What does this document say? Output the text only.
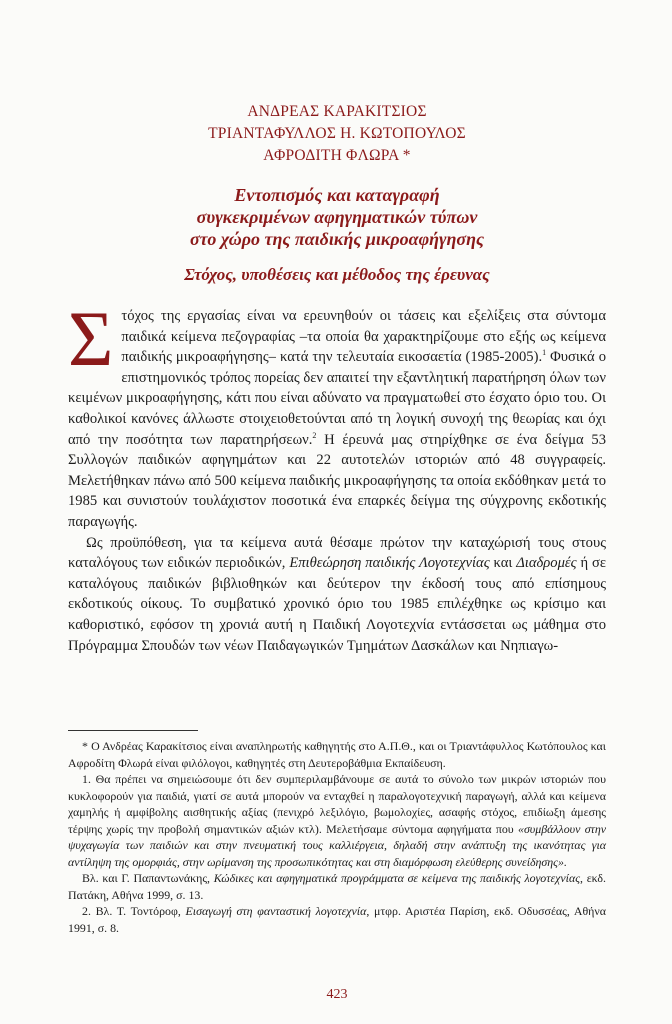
ΑΝΔΡΕΑΣ ΚΑΡΑΚΙΤΣΙΟΣ
ΤΡΙΑΝΤΑΦΥΛΛΟΣ Η. ΚΩΤΟΠΟΥΛΟΣ
ΑΦΡΟΔΙΤΗ ΦΛΩΡΑ *
Εντοπισμός και καταγραφή
συγκεκριμένων αφηγηματικών τύπων
στο χώρο της παιδικής μικροαφήγησης
Στόχος, υποθέσεις και μέθοδος της έρευνας

Στόχος της εργασίας είναι να ερευνηθούν οι τάσεις και εξελίξεις στα σύντομα παιδικά κείμενα πεζογραφίας –τα οποία θα χαρακτηρίζουμε στο εξής ως κείμενα παιδικής μικροαφήγησης– κατά την τελευταία εικοσαετία (1985-2005).$^1$ Φυσικά ο επιστημονικός τρόπος πορείας δεν απαιτεί την εξαντλητική παρατήρηση όλων των κειμένων μικροαφήγησης, κάτι που είναι αδύνατο να πραγματωθεί στο έσχατο όριο του. Οι καθολικοί κανόνες άλλωστε στοιχειοθετούνται από τη λογική συνοχή της θεωρίας και όχι από την ποσότητα των παρατηρήσεων.$^2$ Η έρευνά μας στηρίχθηκε σε ένα δείγμα 53 Συλλογών παιδικών αφηγημάτων και 22 αυτοτελών ιστοριών από 48 συγγραφείς. Μελετήθηκαν πάνω από 500 κείμενα παιδικής μικροαφήγησης τα οποία εκδόθηκαν μετά το 1985 και συνιστούν τουλάχιστον ποσοτικά ένα επαρκές δείγμα της σύγχρονης εκδοτικής παραγωγής.

Ως προϋπόθεση, για τα κείμενα αυτά θέσαμε πρώτον την καταχώρισή τους στους καταλόγους των ειδικών περιοδικών, Επιθεώρηση παιδικής Λογοτεχνίας και Διαδρομές ή σε καταλόγους παιδικών βιβλιοθηκών και δεύτερον την έκδοσή τους από επίσημους εκδοτικούς οίκους. Το συμβατικό χρονικό όριο του 1985 επιλέχθηκε ως κρίσιμο και καθοριστικό, εφόσον τη χρονιά αυτή η Παιδική Λογοτεχνία εντάσσεται ως μάθημα στο Πρόγραμμα Σπουδών των νέων Παιδαγωγικών Τμημάτων Δασκάλων και Νηπιαγω-

* Ο Ανδρέας Καρακίτσιος είναι αναπληρωτής καθηγητής στο Α.Π.Θ., και οι Τριαντάφυλλος Κωτόπουλος και Αφροδίτη Φλωρά είναι φιλόλογοι, καθηγητές στη Δευτεροβάθμια Εκπαίδευση.

1. Θα πρέπει να σημειώσουμε ότι δεν συμπεριλαμβάνουμε σε αυτά το σύνολο των μικρών ιστοριών που κυκλοφορούν για παιδιά, γιατί σε αυτά μπορούν να ενταχθεί η παραλογοτεχνική παραγωγή, αλλά και κείμενα χαμηλής ή αμφίβολης αισθητικής αξίας (πενιχρό λεξιλόγιο, βωμολοχίες, ασαφής στόχος, επιδίωξη άμεσης τέρψης χωρίς την προβολή σημαντικών αξιών κτλ). Μελετήσαμε σύντομα αφηγήματα που «συμβάλλουν στην ψυχαγωγία των παιδιών και στην πνευματική τους καλλιέργεια, δηλαδή στην ανάπτυξη της ικανότητας για αντίληψη της ομορφιάς, στην ωρίμανση της προσωπικότητας και στη διαμόρφωση ελεύθερης συνείδησης».

Βλ. και Γ. Παπαντωνάκης, Κώδικες και αφηγηματικά προγράμματα σε κείμενα της παιδικής λογοτεχνίας, εκδ. Πατάκη, Αθήνα 1999, σ. 13.

2. Βλ. Τ. Τοντόροφ, Εισαγωγή στη φανταστική λογοτεχνία, μτφρ. Αριστέα Παρίση, εκδ. Οδυσσέας, Αθήνα 1991, σ. 8.

423
